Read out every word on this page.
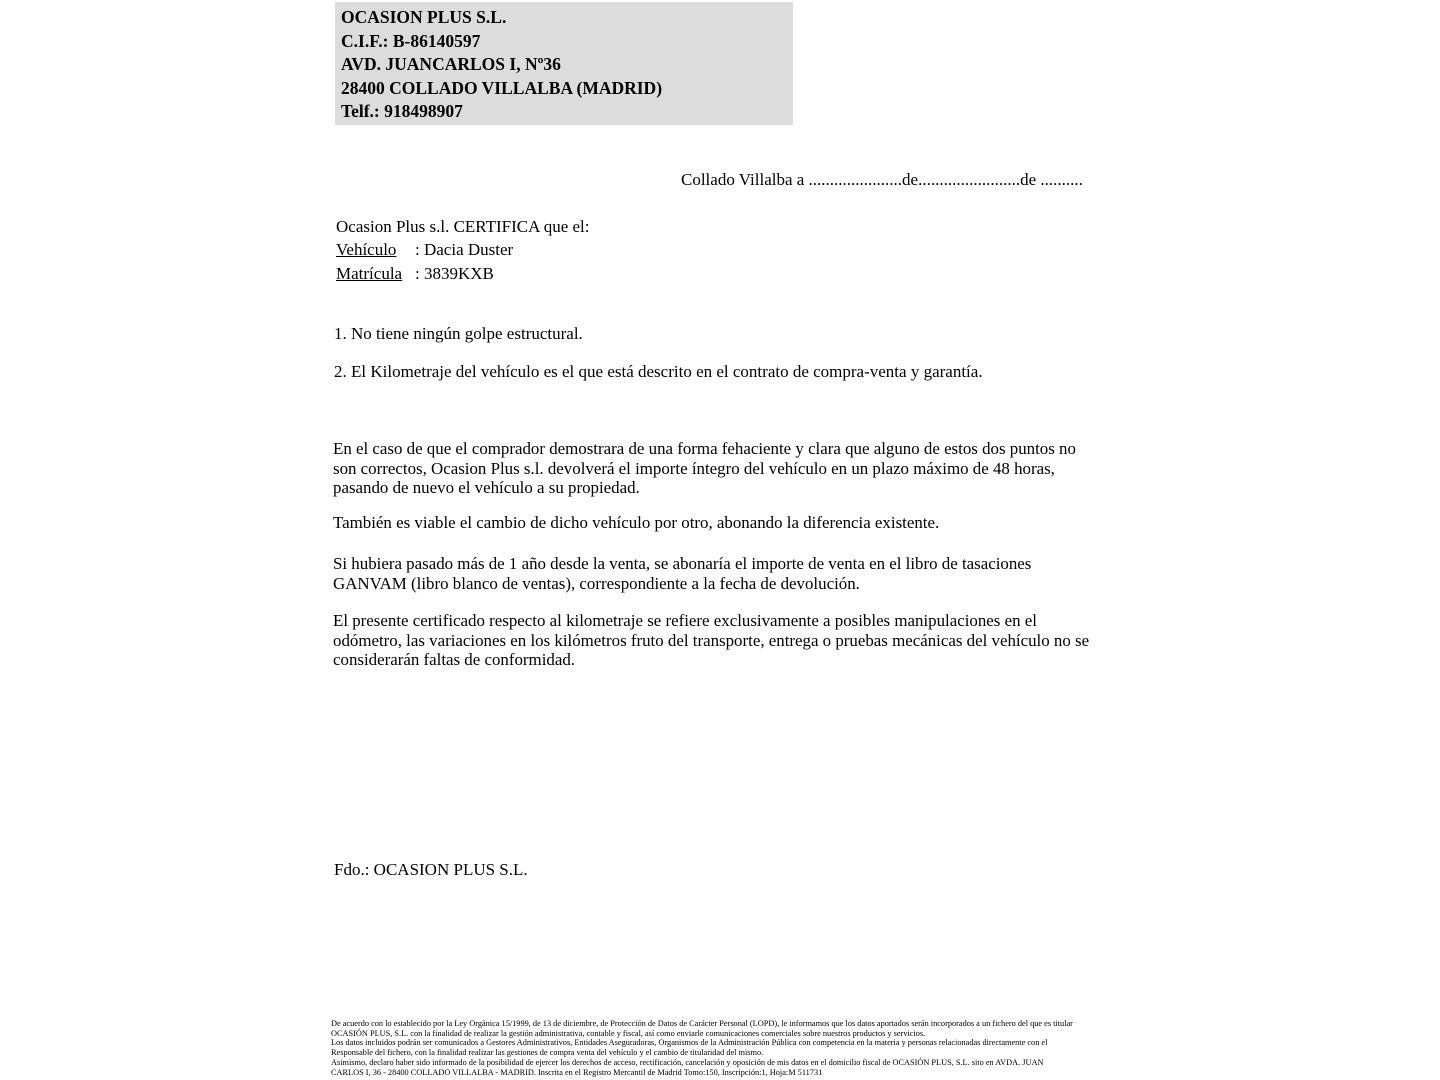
OCASION PLUS S.L.
C.I.F.: B-86140597
AVD. JUANCARLOS I, Nº36
28400 COLLADO VILLALBA (MADRID)
Telf.: 918498907
Collado Villalba a ......................de........................de ..........
Ocasion Plus s.l. CERTIFICA que el:
Vehículo	: Dacia Duster
Matrícula : 3839KXB
1. No tiene ningún golpe estructural.
2. El Kilometraje del vehículo es el que está descrito en el contrato de compra-venta y garantía.
En el caso de que el comprador demostrara de una forma fehaciente y clara que alguno de estos dos puntos no son correctos, Ocasion Plus s.l. devolverá el importe íntegro del vehículo en un plazo máximo de 48 horas, pasando de nuevo el vehículo a su propiedad.
También es viable el cambio de dicho vehículo por otro, abonando la diferencia existente.
Si hubiera pasado más de 1 año desde la venta, se abonaría el importe de venta en el libro de tasaciones GANVAM (libro blanco de ventas), correspondiente a la fecha de devolución.
El presente certificado respecto al kilometraje se refiere exclusivamente a posibles manipulaciones en el odómetro, las variaciones en los kilómetros fruto del transporte, entrega o pruebas mecánicas del vehículo no se considerarán faltas de conformidad.
Fdo.: OCASION PLUS S.L.
De acuerdo con lo establecido por la Ley Orgánica 15/1999, de 13 de diciembre, de Protección de Datos de Carácter Personal (LOPD), le informamos que los datos aportados serán incorporados a un fichero del que es titular
OCASIÓN PLUS, S.L. con la finalidad de realizar la gestión administrativa, contable y fiscal, así como enviarle comunicaciones comerciales sobre nuestros productos y servicios.
Los datos incluidos podrán ser comunicados a Gestores Administrativos, Entidades Aseguradoras, Organismos de la Administración Pública con competencia en la materia y personas relacionadas directamente con el
Responsable del fichero, con la finalidad realizar las gestiones de compra venta del vehículo y el cambio de titularidad del mismo.
Asimismo, declaro haber sido informado de la posibilidad de ejercer los derechos de acceso, rectificación, cancelación y oposición de mis datos en el domicilio fiscal de OCASIÓN PLUS, S.L. sito en AVDA. JUAN
CARLOS I, 36 - 28400 COLLADO VILLALBA - MADRID. Inscrita en el Registro Mercantil de Madrid Tomo:150, Inscripción:1, Hoja:M 511731
